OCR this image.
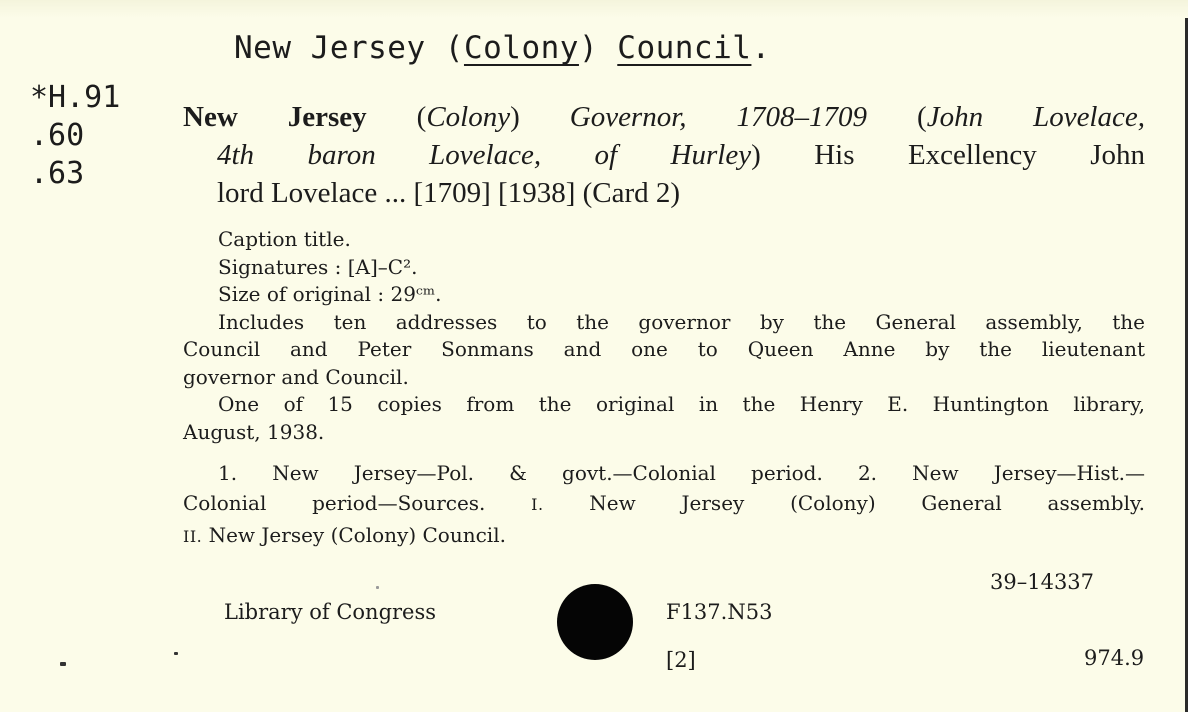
New Jersey (Colony) Council.
*H.91
.60
.63
New Jersey (Colony) Governor, 1708–1709 (John Lovelace,
4th baron Lovelace, of Hurley) His Excellency John
lord Lovelace ... [1709] [1938] (Card 2)
Caption title.
Signatures : [A]–C².
Size of original : 29ᶜᵐ.
Includes ten addresses to the governor by the General assembly, the
Council and Peter Sonmans and one to Queen Anne by the lieutenant
governor and Council.
One of 15 copies from the original in the Henry E. Huntington library,
August, 1938.
1. New Jersey—Pol. & govt.—Colonial period. 2. New Jersey—Hist.—
Colonial period—Sources. I. New Jersey (Colony) General assembly.
II. New Jersey (Colony) Council.
39–14337
Library of Congress	F137.N53
[2]	974.9
